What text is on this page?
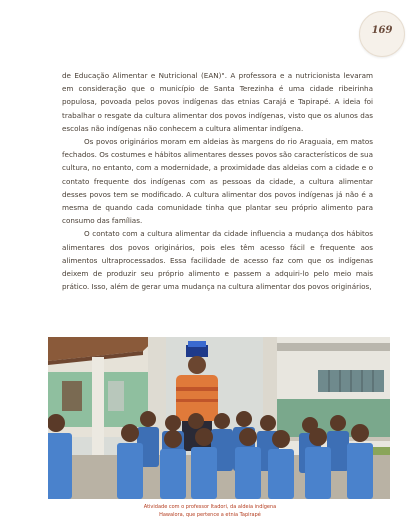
169

de Educação Alimentar e Nutricional (EAN)". A professora e a nutricionista levaram em consideração que o município de Santa Terezinha é uma cidade ribeirinha populosa, povoada pelos povos indígenas das etnias Carajá e Tapirapé. A ideia foi trabalhar o resgate da cultura alimentar dos povos indígenas, visto que os alunos das escolas não indígenas não conhecem a cultura alimentar indígena.

Os povos originários moram em aldeias às margens do rio Araguaia, em matos fechados. Os costumes e hábitos alimentares desses povos são característicos de sua cultura, no entanto, com a modernidade, a proximidade das aldeias com a cidade e o contato frequente dos indígenas com as pessoas da cidade, a cultura alimentar desses povos tem se modificado. A cultura alimentar dos povos indígenas já não é a mesma de quando cada comunidade tinha que plantar seu próprio alimento para consumo das famílias.

O contato com a cultura alimentar da cidade influencia a mudança dos hábitos alimentares dos povos originários, pois eles têm acesso fácil e frequente aos alimentos ultraprocessados. Essa facilidade de acesso faz com que os indígenas deixem de produzir seu próprio alimento e passem a adquiri-lo pelo meio mais prático. Isso, além de gerar uma mudança na cultura alimentar dos povos originários,

Atividade com o professor Itadori, da aldeia indígena
Hawalora, que pertence a etnia Tapirapé
